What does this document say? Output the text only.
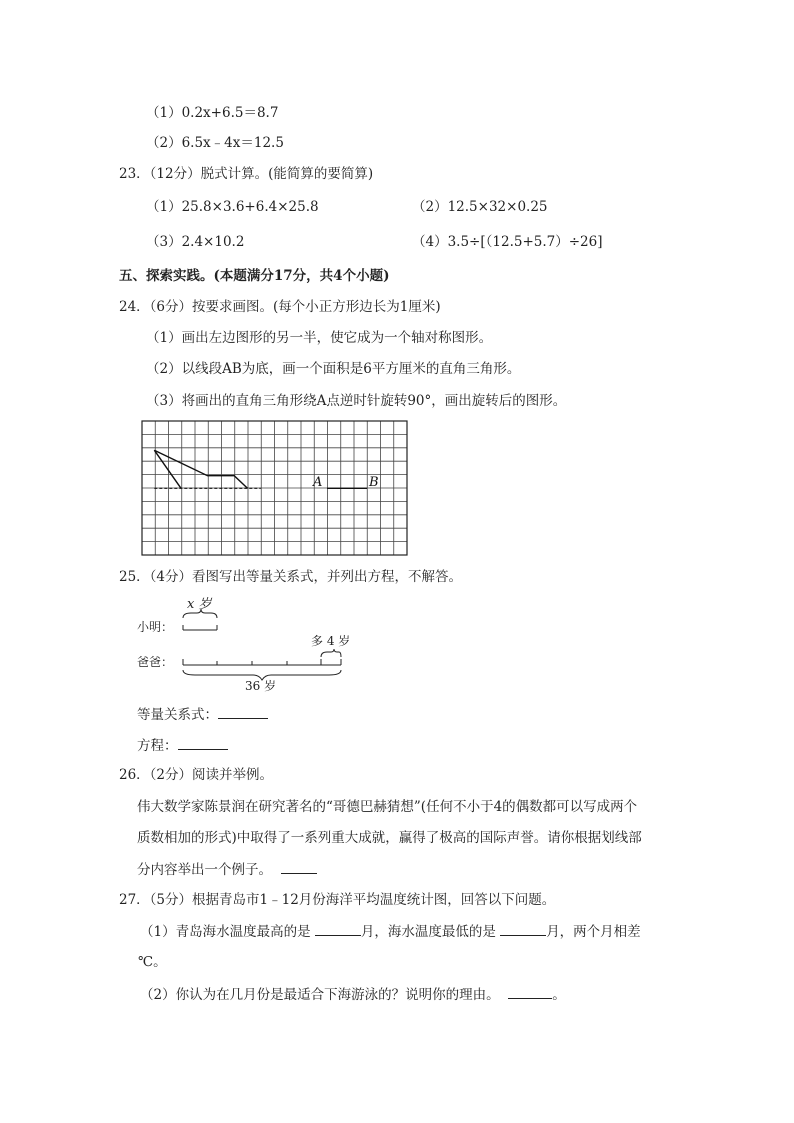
（1）0.2x+6.5＝8.7
（2）6.5x﹣4x＝12.5
23．（12分）脱式计算。(能简算的要简算)
（1）25.8×3.6+6.4×25.8	（2）12.5×32×0.25
（3）2.4×10.2	（4）3.5÷[（12.5+5.7）÷26]
五、探索实践。(本题满分17分，共4个小题)
24．（6分）按要求画图。(每个小正方形边长为1厘米)
（1）画出左边图形的另一半，使它成为一个轴对称图形。
（2）以线段AB为底，画一个面积是6平方厘米的直角三角形。
（3）将画出的直角三角形绕A点逆时针旋转90°，画出旋转后的图形。
A	B
25．（4分）看图写出等量关系式，并列出方程，不解答。
x 岁
小明：
多 4 岁
爸爸：
36 岁
等量关系式：
方程：
26．（2分）阅读并举例。
伟大数学家陈景润在研究著名的“哥德巴赫猜想”(任何不小于4的偶数都可以写成两个
质数相加的形式)中取得了一系列重大成就，赢得了极高的国际声誉。请你根据划线部
分内容举出一个例子。
27．（5分）根据青岛市1﹣12月份海洋平均温度统计图，回答以下问题。
（1）青岛海水温度最高的是	月，海水温度最低的是	月，两个月相差
℃。
（2）你认为在几月份是最适合下海游泳的？说明你的理由。	。
